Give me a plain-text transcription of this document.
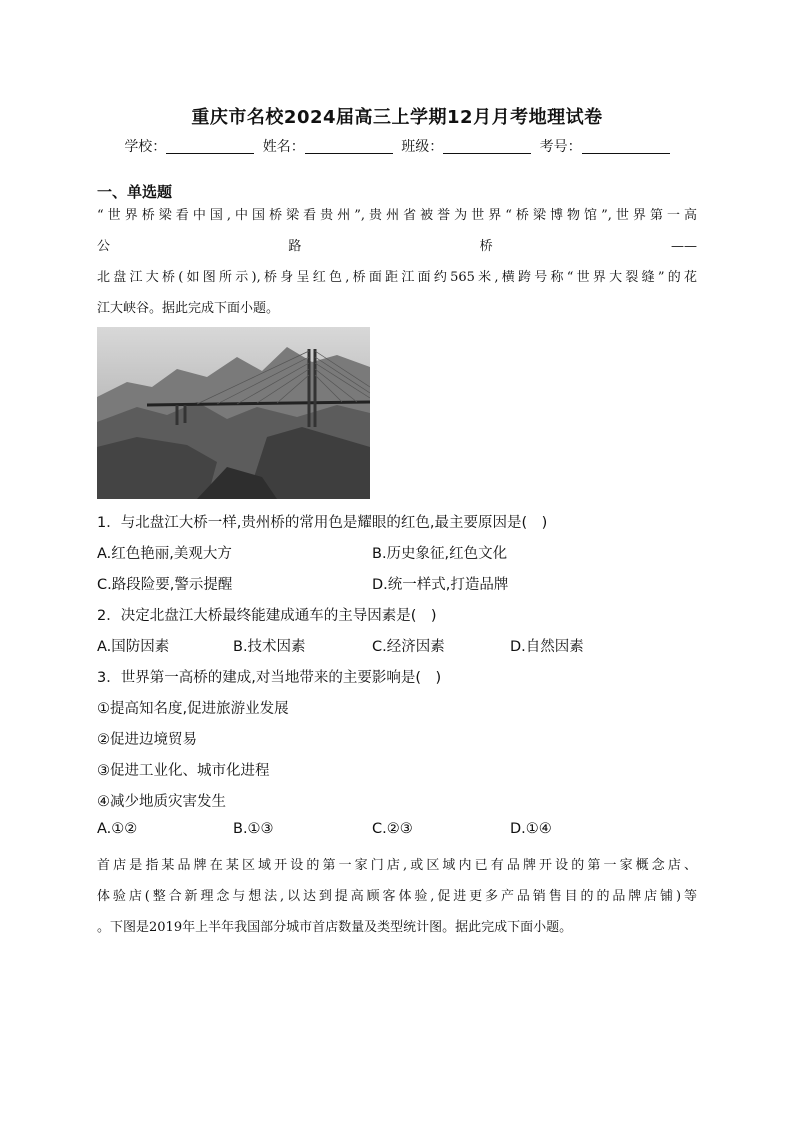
重庆市名校2024届高三上学期12月月考地理试卷
学校：	姓名：	班级：	考号：
一、单选题
“世界桥梁看中国,中国桥梁看贵州”,贵州省被誉为世界“桥梁博物馆”,世界第一高
公路桥——
北盘江大桥(如图所示),桥身呈红色,桥面距江面约565米,横跨号称“世界大裂缝”的花
江大峡谷。据此完成下面小题。
1．与北盘江大桥一样,贵州桥的常用色是耀眼的红色,最主要原因是(　)
A.红色艳丽,美观大方	B.历史象征,红色文化
C.路段险要,警示提醒	D.统一样式,打造品牌
2．决定北盘江大桥最终能建成通车的主导因素是(　)
A.国防因素	B.技术因素	C.经济因素	D.自然因素
3．世界第一高桥的建成,对当地带来的主要影响是(　)
①提高知名度,促进旅游业发展
②促进边境贸易
③促进工业化、城市化进程
④减少地质灾害发生
A.①②	B.①③	C.②③	D.①④
首店是指某品牌在某区域开设的第一家门店,或区域内已有品牌开设的第一家概念店、
体验店(整合新理念与想法,以达到提高顾客体验,促进更多产品销售目的的品牌店铺)等
。下图是2019年上半年我国部分城市首店数量及类型统计图。据此完成下面小题。
